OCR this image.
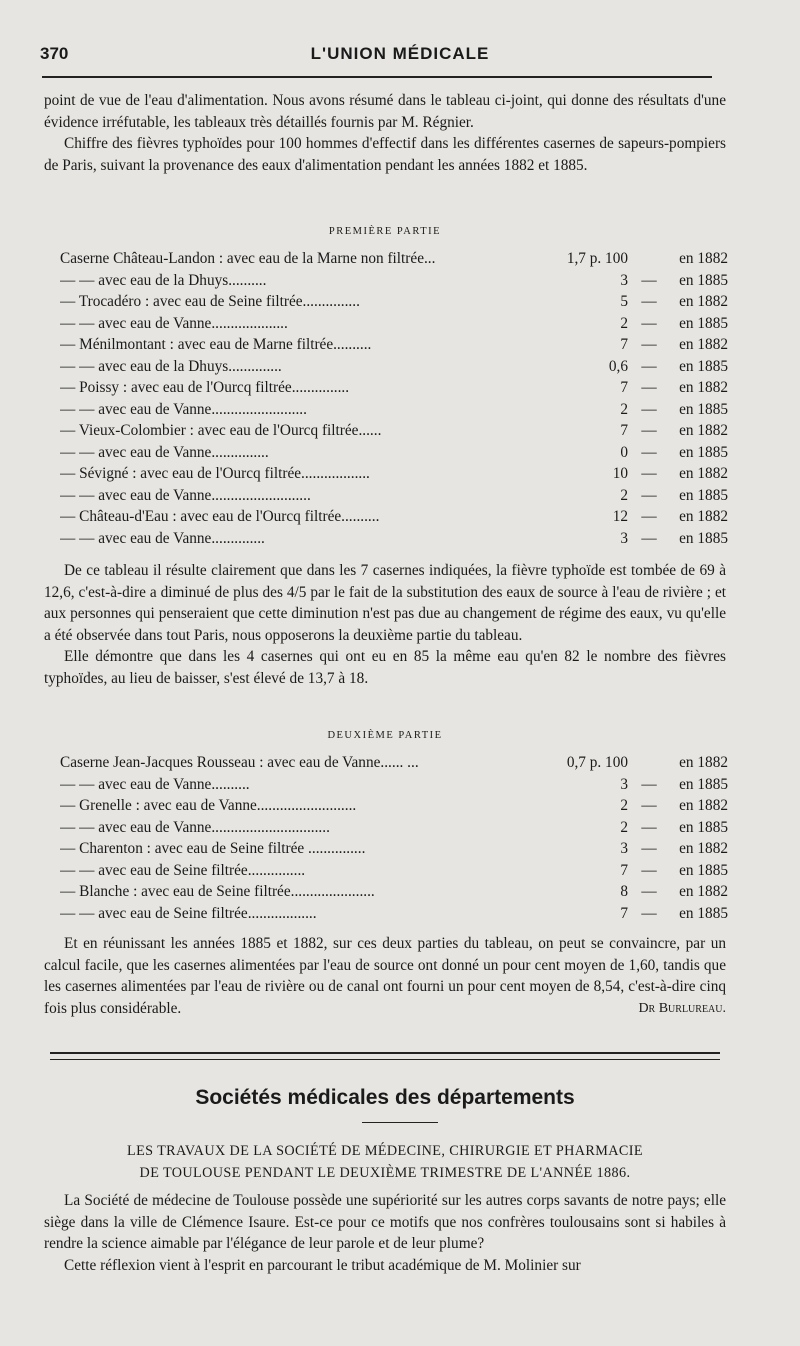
370	L'UNION MÉDICALE

point de vue de l'eau d'alimentation. Nous avons résumé dans le tableau ci-joint, qui donne des résultats d'une évidence irréfutable, les tableaux très détaillés fournis par M. Régnier.

Chiffre des fièvres typhoïdes pour 100 hommes d'effectif dans les différentes casernes de sapeurs-pompiers de Paris, suivant la provenance des eaux d'alimentation pendant les années 1882 et 1885.

PREMIÈRE PARTIE
Caserne Château-Landon : avec eau de la Marne non filtrée...	1,7 p. 100	en 1882
— — avec eau de la Dhuys..........	3 —	en 1885
— Trocadéro : avec eau de Seine filtrée...............	5 —	en 1882
— — avec eau de Vanne....................	2 —	en 1885
— Ménilmontant : avec eau de Marne filtrée..........	7 —	en 1882
— — avec eau de la Dhuys..............	0,6 —	en 1885
— Poissy : avec eau de l'Ourcq filtrée...............	7 —	en 1882
— — avec eau de Vanne.........................	2 —	en 1885
— Vieux-Colombier : avec eau de l'Ourcq filtrée......	7 —	en 1882
— — avec eau de Vanne...............	0 —	en 1885
— Sévigné : avec eau de l'Ourcq filtrée..................	10 —	en 1882
— — avec eau de Vanne..........................	2 —	en 1885
— Château-d'Eau : avec eau de l'Ourcq filtrée..........	12 —	en 1882
— — avec eau de Vanne..............	3 —	en 1885

De ce tableau il résulte clairement que dans les 7 casernes indiquées, la fièvre typhoïde est tombée de 69 à 12,6, c'est-à-dire a diminué de plus des 4/5 par le fait de la substitution des eaux de source à l'eau de rivière ; et aux personnes qui penseraient que cette diminution n'est pas due au changement de régime des eaux, vu qu'elle a été observée dans tout Paris, nous opposerons la deuxième partie du tableau.

Elle démontre que dans les 4 casernes qui ont eu en 85 la même eau qu'en 82 le nombre des fièvres typhoïdes, au lieu de baisser, s'est élevé de 13,7 à 18.

DEUXIÈME PARTIE
Caserne Jean-Jacques Rousseau : avec eau de Vanne...... ...	0,7 p. 100	en 1882
— — avec eau de Vanne..........	3 —	en 1885
— Grenelle : avec eau de Vanne..........................	2 —	en 1882
— — avec eau de Vanne...............................	2 —	en 1885
— Charenton : avec eau de Seine filtrée ...............	3 —	en 1882
— — avec eau de Seine filtrée...............	7 —	en 1885
— Blanche : avec eau de Seine filtrée......................	8 —	en 1882
— — avec eau de Seine filtrée..................	7 —	en 1885

Et en réunissant les années 1885 et 1882, sur ces deux parties du tableau, on peut se convaincre, par un calcul facile, que les casernes alimentées par l'eau de source ont donné un pour cent moyen de 1,60, tandis que les casernes alimentées par l'eau de rivière ou de canal ont fourni un pour cent moyen de 8,54, c'est-à-dire cinq fois plus considérable.	Dr Burlureau.

Sociétés médicales des départements
LES TRAVAUX DE LA SOCIÉTÉ DE MÉDECINE, CHIRURGIE ET PHARMACIE
DE TOULOUSE PENDANT LE DEUXIÈME TRIMESTRE DE L'ANNÉE 1886.

La Société de médecine de Toulouse possède une supériorité sur les autres corps savants de notre pays; elle siège dans la ville de Clémence Isaure. Est-ce pour ce motifs que nos confrères toulousains sont si habiles à rendre la science aimable par l'élégance de leur parole et de leur plume?

Cette réflexion vient à l'esprit en parcourant le tribut académique de M. Molinier sur
